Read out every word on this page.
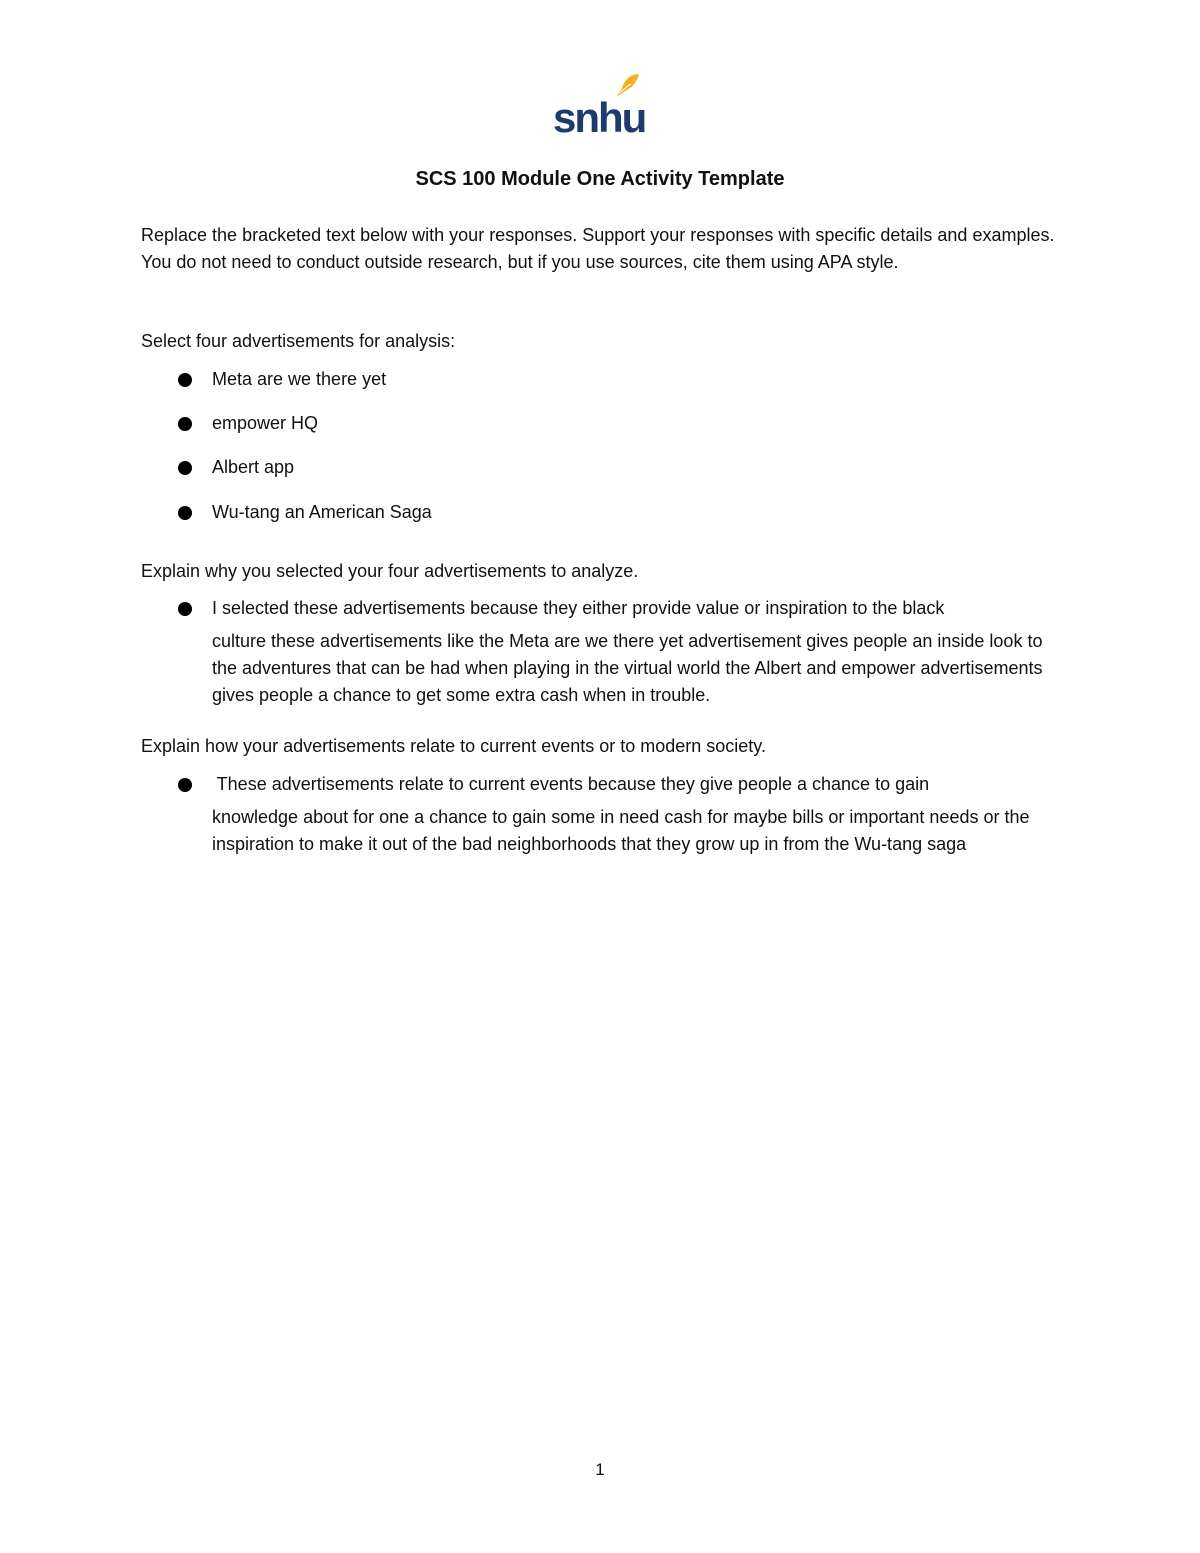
snhu
SCS 100 Module One Activity Template
Replace the bracketed text below with your responses. Support your responses with specific details and examples. You do not need to conduct outside research, but if you use sources, cite them using APA style.
Select four advertisements for analysis:
Meta are we there yet
empower HQ
Albert app
Wu-tang an American Saga
Explain why you selected your four advertisements to analyze.
I selected these advertisements because they either provide value or inspiration to the black
culture these advertisements like the Meta are we there yet advertisement gives people an inside look to the adventures that can be had when playing in the virtual world the Albert and empower advertisements gives people a chance to get some extra cash when in trouble.
Explain how your advertisements relate to current events or to modern society.
These advertisements relate to current events because they give people a chance to gain
knowledge about for one a chance to gain some in need cash for maybe bills or important needs or the inspiration to make it out of the bad neighborhoods that they grow up in from the Wu-tang saga
1
